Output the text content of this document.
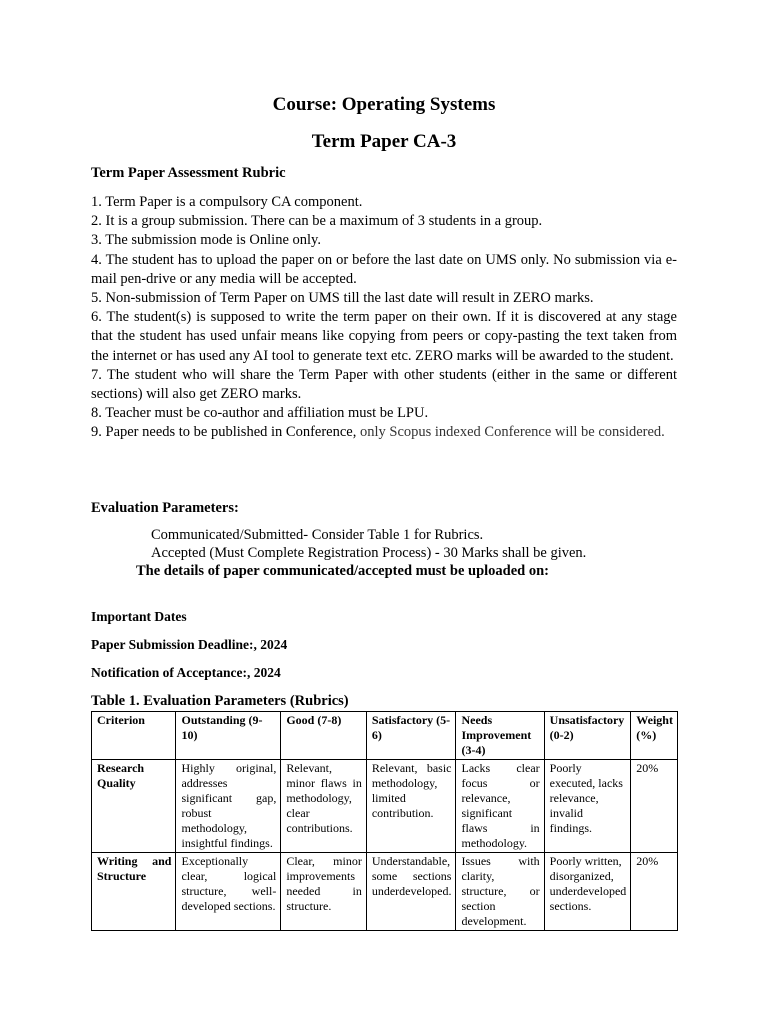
Course: Operating Systems
Term Paper CA-3

Term Paper Assessment Rubric

1. Term Paper is a compulsory CA component.

2. It is a group submission. There can be a maximum of 3 students in a group.

3. The submission mode is Online only.

4. The student has to upload the paper on or before the last date on UMS only. No submission via e-mail pen-drive or any media will be accepted.

5. Non-submission of Term Paper on UMS till the last date will result in ZERO marks.

6. The student(s) is supposed to write the term paper on their own. If it is discovered at any stage that the student has used unfair means like copying from peers or copy-pasting the text taken from the internet or has used any AI tool to generate text etc. ZERO marks will be awarded to the student.

7. The student who will share the Term Paper with other students (either in the same or different sections) will also get ZERO marks.

8. Teacher must be co-author and affiliation must be LPU.

9. Paper needs to be published in Conference, only Scopus indexed Conference will be considered.

Evaluation Parameters:

Communicated/Submitted- Consider Table 1 for Rubrics.

Accepted (Must Complete Registration Process) - 30 Marks shall be given.

The details of paper communicated/accepted must be uploaded on:

Important Dates

Paper Submission Deadline:, 2024

Notification of Acceptance:, 2024

Table 1. Evaluation Parameters (Rubrics)

Criterion	Outstanding (9-10)	Good (7-8)	Satisfactory (5-6)	Needs Improvement (3-4)	Unsatisfactory (0-2)	Weight (%)
Research Quality	Highly original, addresses significant gap, robust methodology, insightful findings.	Relevant, minor flaws in methodology, clear contributions.	Relevant, basic methodology, limited contribution.	Lacks clear focus or relevance, significant flaws in methodology.	Poorly executed, lacks relevance, invalid findings.	20%
Writing and Structure	Exceptionally clear, logical structure, well-developed sections.	Clear, minor improvements needed in structure.	Understandable, some sections underdeveloped.	Issues with clarity, structure, or section development.	Poorly written, disorganized, underdeveloped sections.	20%
